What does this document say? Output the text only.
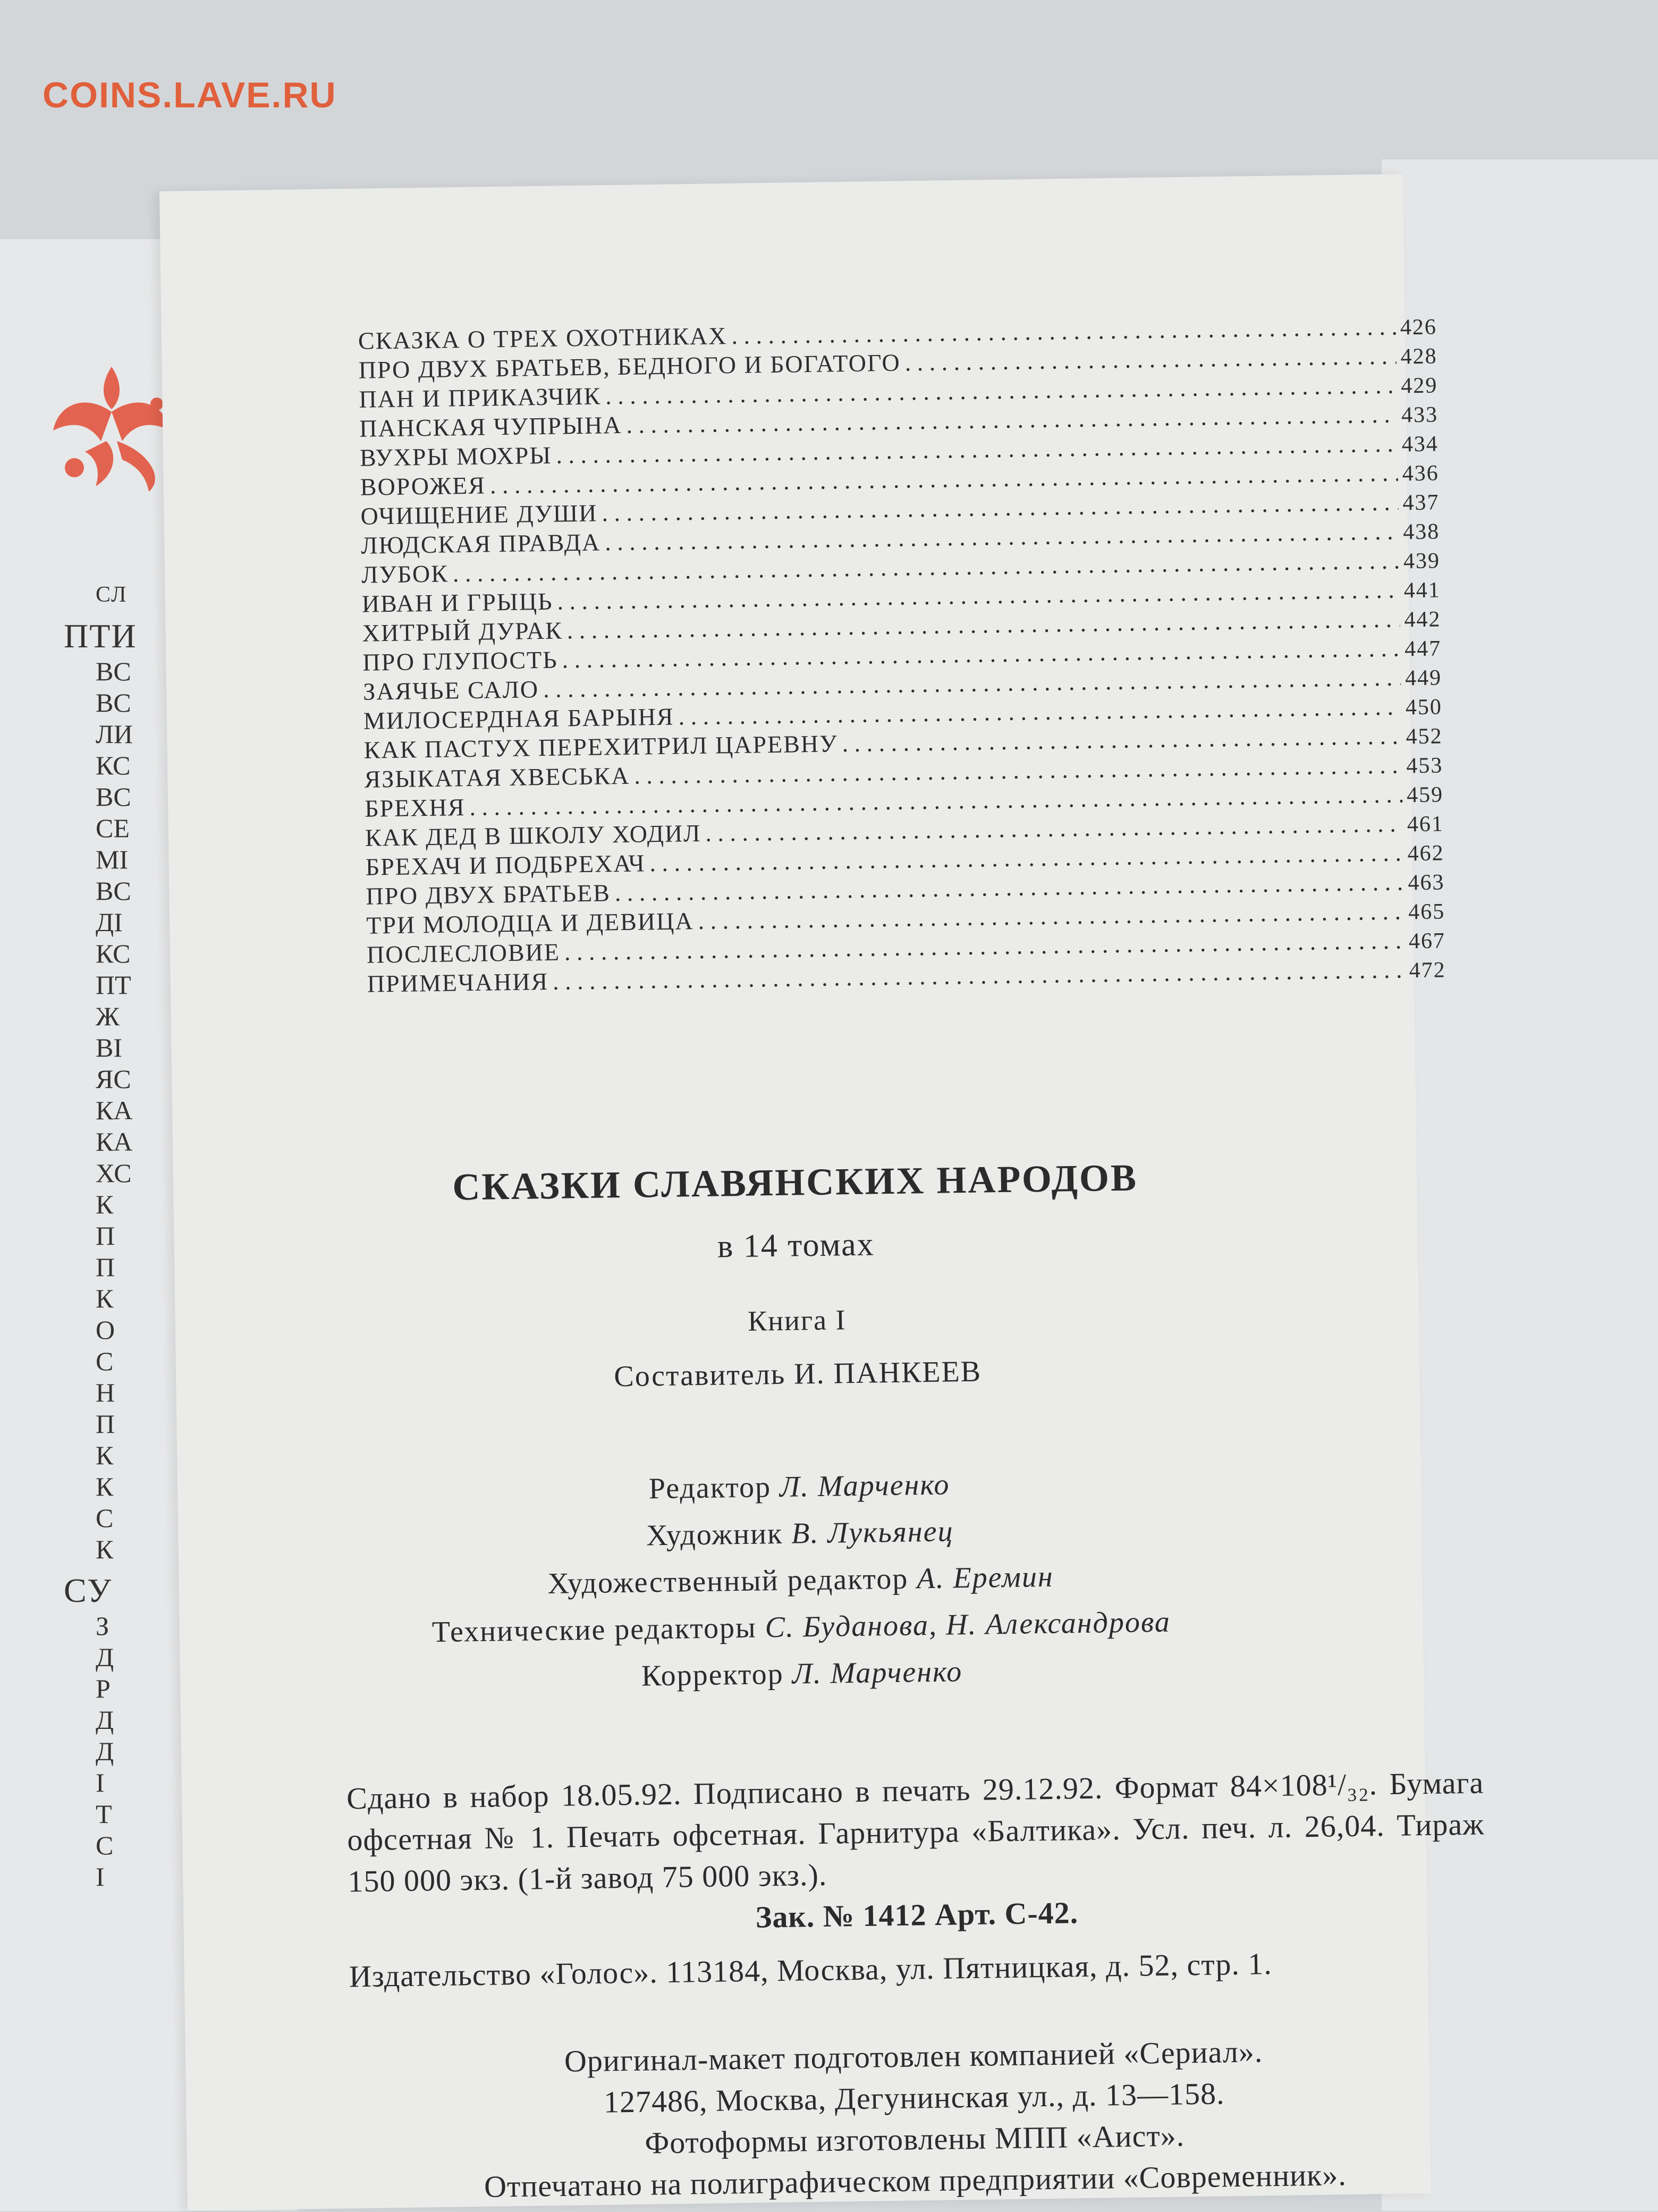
COINS.LAVE.RU
СЛ
ПТИ
ВС
ВС
ЛИ
КС
ВС
СЕ
МІ
ВС
ДІ
КС
ПТ
Ж
ВІ
ЯС
КА
КА
ХС
К
П
П
К
О
С
Н
П
К
К
С
К
СУ
З
Д
Р
Д
Д
І
Т
С
І
СКАЗКА О ТРЕХ ОХОТНИКАХ . . .	426
ПРО ДВУХ БРАТЬЕВ, БЕДНОГО И БОГАТОГО . . .	428
ПАН И ПРИКАЗЧИК . . .	429
ПАНСКАЯ ЧУПРЫНА . . .	433
ВУХРЫ МОХРЫ . . .	434
ВОРОЖЕЯ . . .	436
ОЧИЩЕНИЕ ДУШИ . . .	437
ЛЮДСКАЯ ПРАВДА . . .	438
ЛУБОК . . .	439
ИВАН И ГРЫЦЬ . . .	441
ХИТРЫЙ ДУРАК . . .	442
ПРО ГЛУПОСТЬ . . .	447
ЗАЯЧЬЕ САЛО . . .	449
МИЛОСЕРДНАЯ БАРЫНЯ . . .	450
КАК ПАСТУХ ПЕРЕХИТРИЛ ЦАРЕВНУ . . .	452
ЯЗЫКАТАЯ ХВЕСЬКА . . .	453
БРЕХНЯ . . .	459
КАК ДЕД В ШКОЛУ ХОДИЛ . . .	461
БРЕХАЧ И ПОДБРЕХАЧ . . .	462
ПРО ДВУХ БРАТЬЕВ . . .	463
ТРИ МОЛОДЦА И ДЕВИЦА . . .	465
ПОСЛЕСЛОВИЕ . . .	467
ПРИМЕЧАНИЯ . . .	472
СКАЗКИ СЛАВЯНСКИХ НАРОДОВ
в 14 томах
Книга I
Составитель И. ПАНКЕЕВ
Редактор Л. Марченко
Художник В. Лукьянец
Художественный редактор А. Еремин
Технические редакторы С. Буданова, Н. Александрова
Корректор Л. Марченко
Сдано в набор 18.05.92. Подписано в печать 29.12.92. Формат 84×108¹/₃₂. Бумага офсетная № 1. Печать офсетная. Гарнитура «Балтика». Усл. печ. л. 26,04. Тираж 150 000 экз. (1-й завод 75 000 экз.).
Зак. № 1412 Арт. С-42.
Издательство «Голос». 113184, Москва, ул. Пятницкая, д. 52, стр. 1.
Оригинал-макет подготовлен компанией «Сериал».
127486, Москва, Дегунинская ул., д. 13—158.
Фотоформы изготовлены МПП «Аист».
Отпечатано на полиграфическом предприятии «Современник».
